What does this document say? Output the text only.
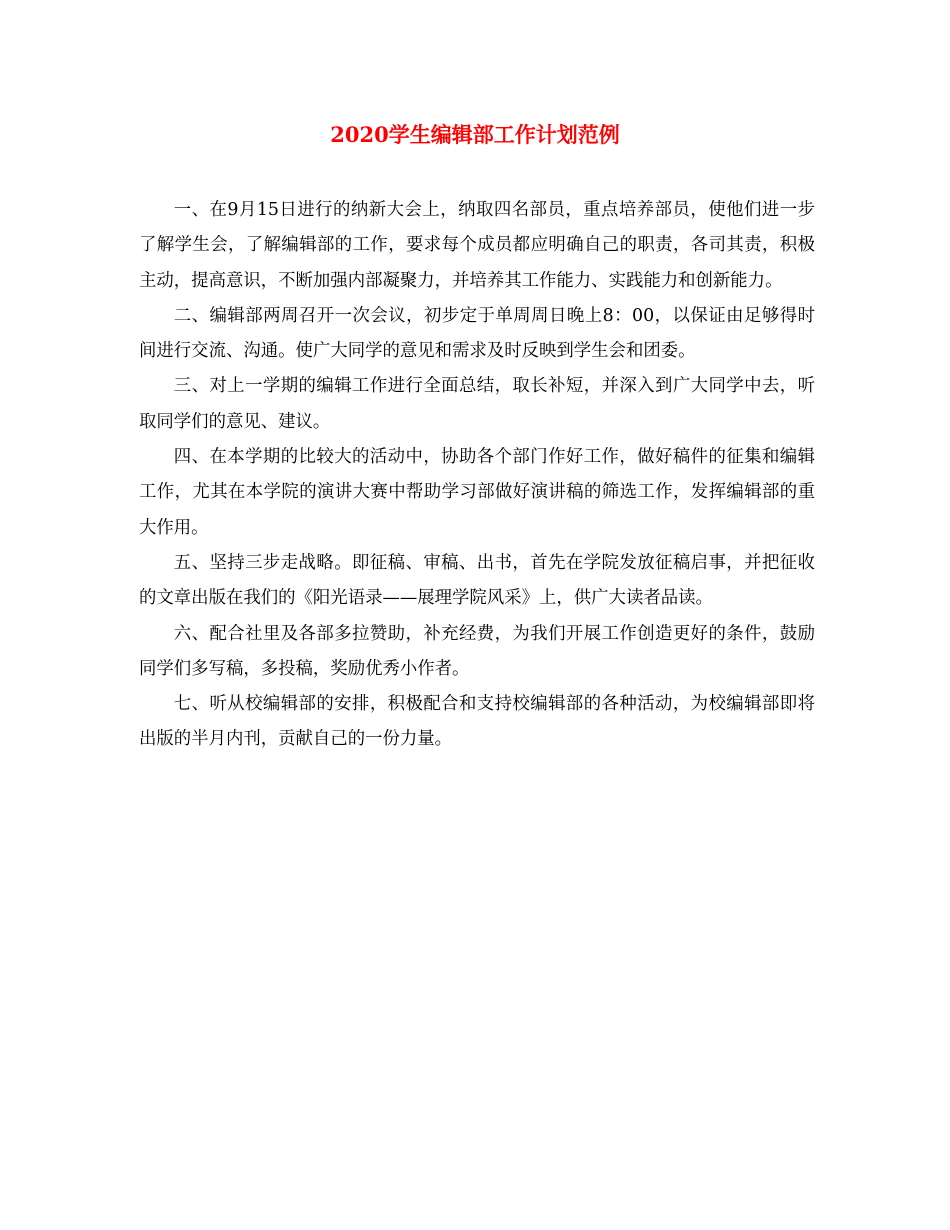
2020学生编辑部工作计划范例

一、在9月15日进行的纳新大会上，纳取四名部员，重点培养部员，使他们进一步了解学生会，了解编辑部的工作，要求每个成员都应明确自己的职责，各司其责，积极主动，提高意识，不断加强内部凝聚力，并培养其工作能力、实践能力和创新能力。

二、编辑部两周召开一次会议，初步定于单周周日晚上8：00，以保证由足够得时间进行交流、沟通。使广大同学的意见和需求及时反映到学生会和团委。

三、对上一学期的编辑工作进行全面总结，取长补短，并深入到广大同学中去，听取同学们的意见、建议。

四、在本学期的比较大的活动中，协助各个部门作好工作，做好稿件的征集和编辑工作，尤其在本学院的演讲大赛中帮助学习部做好演讲稿的筛选工作，发挥编辑部的重大作用。

五、坚持三步走战略。即征稿、审稿、出书，首先在学院发放征稿启事，并把征收的文章出版在我们的《阳光语录——展理学院风采》上，供广大读者品读。

六、配合社里及各部多拉赞助，补充经费，为我们开展工作创造更好的条件，鼓励同学们多写稿，多投稿，奖励优秀小作者。

七、听从校编辑部的安排，积极配合和支持校编辑部的各种活动，为校编辑部即将出版的半月内刊，贡献自己的一份力量。
